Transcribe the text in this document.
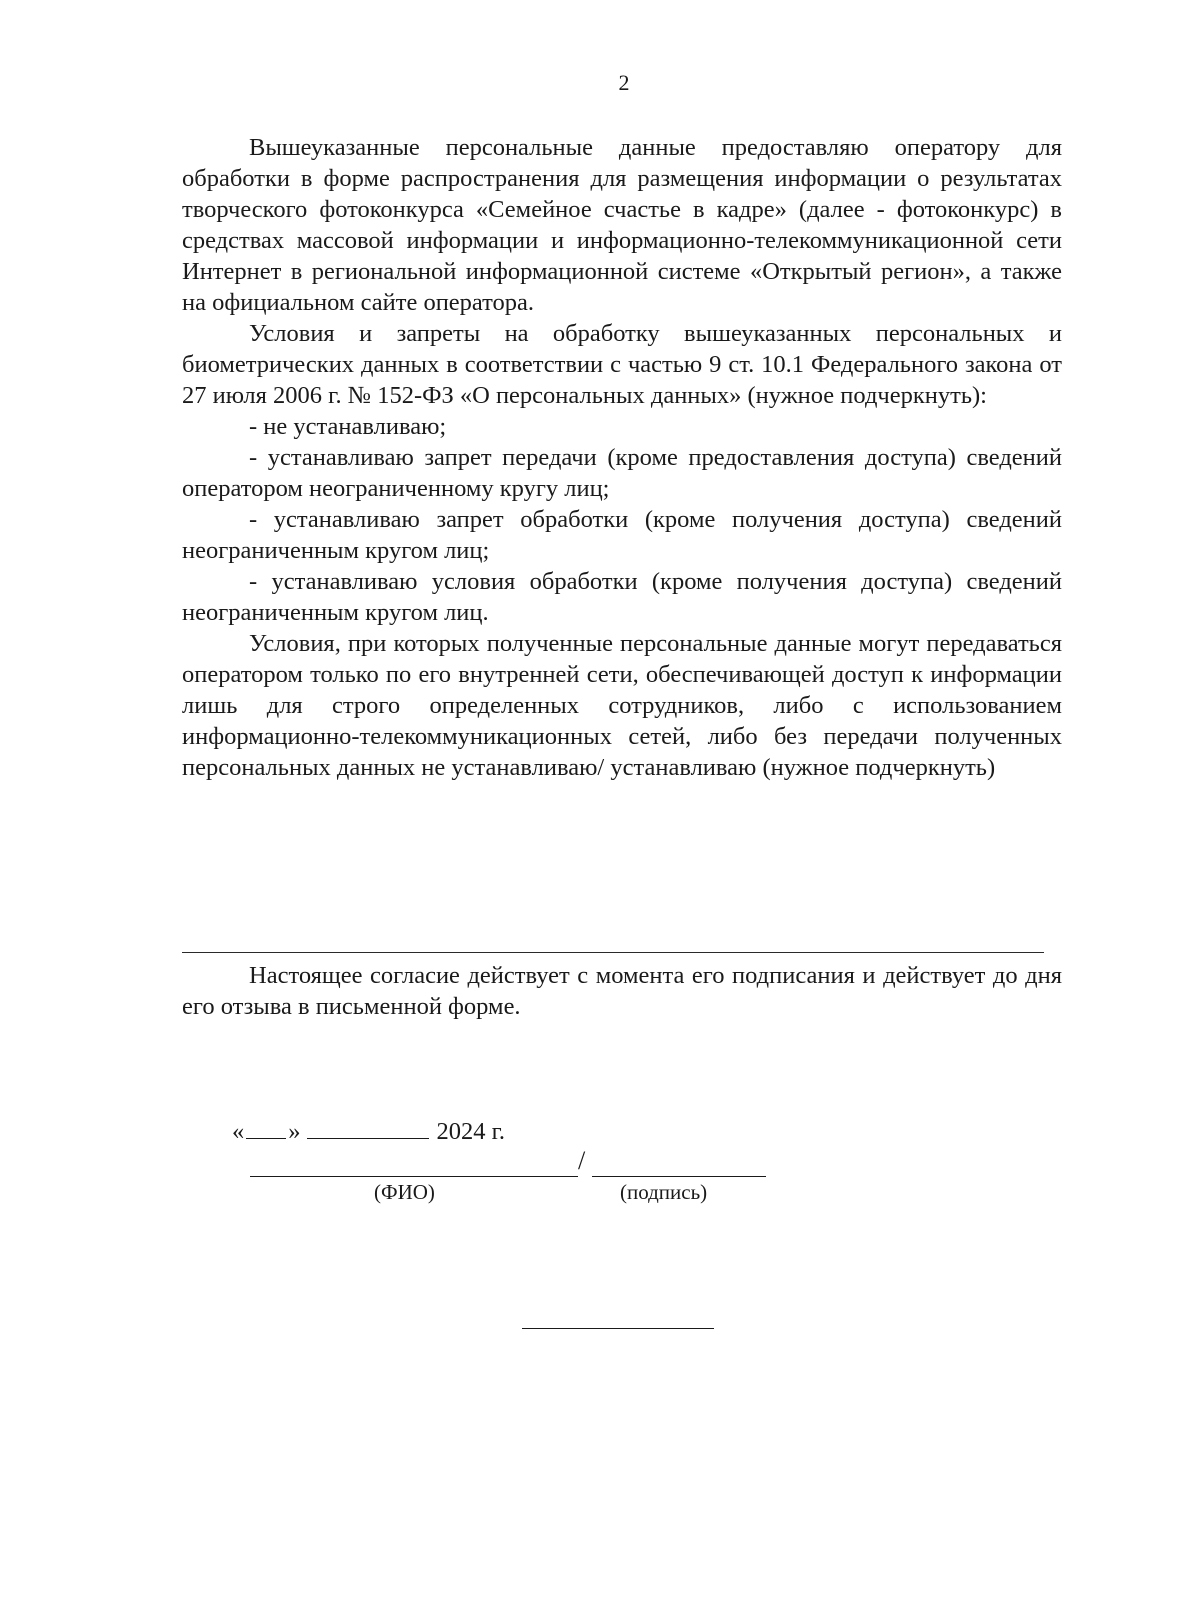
2

Вышеуказанные персональные данные предоставляю оператору для обработки в форме распространения для размещения информации о результатах творческого фотоконкурса «Семейное счастье в кадре» (далее - фотоконкурс) в средствах массовой информации и информационно-телекоммуникационной сети Интернет в региональной информационной системе «Открытый регион», а также на официальном сайте оператора.

Условия и запреты на обработку вышеуказанных персональных и биометрических данных в соответствии с частью 9 ст. 10.1 Федерального закона от 27 июля 2006 г. № 152-ФЗ «О персональных данных» (нужное подчеркнуть):

- не устанавливаю;

- устанавливаю запрет передачи (кроме предоставления доступа) сведений оператором неограниченному кругу лиц;

- устанавливаю запрет обработки (кроме получения доступа) сведений неограниченным кругом лиц;

- устанавливаю условия обработки (кроме получения доступа) сведений неограниченным кругом лиц.

Условия, при которых полученные персональные данные могут передаваться оператором только по его внутренней сети, обеспечивающей доступ к информации лишь для строго определенных сотрудников, либо с использованием информационно-телекоммуникационных сетей, либо без передачи полученных персональных данных не устанавливаю/ устанавливаю (нужное подчеркнуть)

Настоящее согласие действует с момента его подписания и действует до дня его отзыва в письменной форме.

« »	2024 г.
/
(ФИО)	(подпись)
